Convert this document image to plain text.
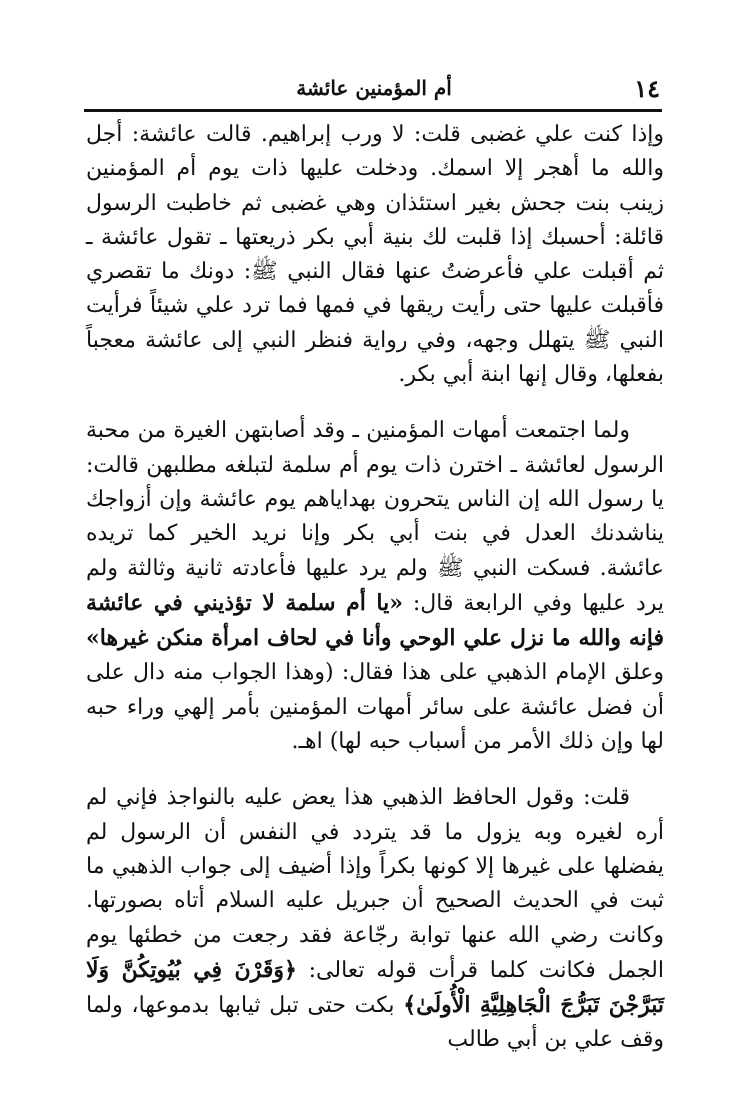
١٤
أم المؤمنين عائشة

وإذا كنت علي غضبى قلت: لا ورب إبراهيم. قالت عائشة: أجل والله ما أهجر إلا اسمك. ودخلت عليها ذات يوم أم المؤمنين زينب بنت جحش بغير استئذان وهي غضبى ثم خاطبت الرسول قائلة: أحسبك إذا قلبت لك بنية أبي بكر ذريعتها ـ تقول عائشة ـ ثم أقبلت علي فأعرضتُ عنها فقال النبي ﷺ: دونك ما تقصري فأقبلت عليها حتى رأيت ريقها في فمها فما ترد علي شيئاً فرأيت النبي ﷺ يتهلل وجهه، وفي رواية فنظر النبي إلى عائشة معجباً بفعلها، وقال إنها ابنة أبي بكر.

ولما اجتمعت أمهات المؤمنين ـ وقد أصابتهن الغيرة من محبة الرسول لعائشة ـ اخترن ذات يوم أم سلمة لتبلغه مطلبهن قالت: يا رسول الله إن الناس يتحرون بهداياهم يوم عائشة وإن أزواجك يناشدنك العدل في بنت أبي بكر وإنا نريد الخير كما تريده عائشة. فسكت النبي ﷺ ولم يرد عليها فأعادته ثانية وثالثة ولم يرد عليها وفي الرابعة قال: «يا أم سلمة لا تؤذيني في عائشة فإنه والله ما نزل علي الوحي وأنا في لحاف امرأة منكن غيرها» وعلق الإمام الذهبي على هذا فقال: (وهذا الجواب منه دال على أن فضل عائشة على سائر أمهات المؤمنين بأمر إلهي وراء حبه لها وإن ذلك الأمر من أسباب حبه لها) اهـ.

قلت: وقول الحافظ الذهبي هذا يعض عليه بالنواجذ فإني لم أره لغيره وبه يزول ما قد يتردد في النفس أن الرسول لم يفضلها على غيرها إلا كونها بكراً وإذا أضيف إلى جواب الذهبي ما ثبت في الحديث الصحيح أن جبريل عليه السلام أتاه بصورتها. وكانت رضي الله عنها توابة رجّاعة فقد رجعت من خطئها يوم الجمل فكانت كلما قرأت قوله تعالى: ﴿وَقَرْنَ فِي بُيُوتِكُنَّ وَلَا تَبَرَّجْنَ تَبَرُّجَ الْجَاهِلِيَّةِ الْأُولَىٰ﴾ بكت حتى تبل ثيابها بدموعها، ولما وقف علي بن أبي طالب
